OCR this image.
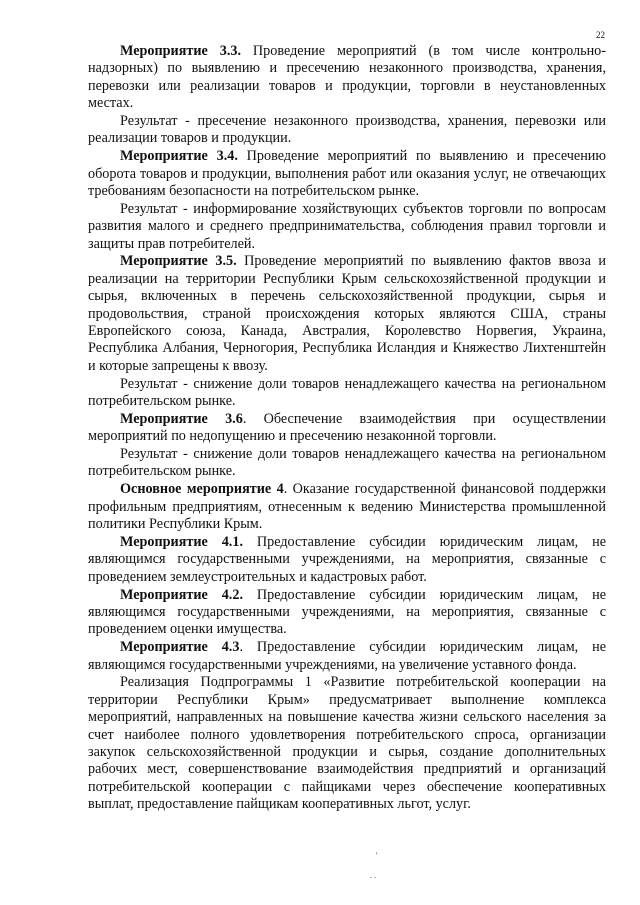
22

Мероприятие 3.3. Проведение мероприятий (в том числе контрольно-надзорных) по выявлению и пресечению незаконного производства, хранения, перевозки или реализации товаров и продукции, торговли в неустановленных местах.

Результат - пресечение незаконного производства, хранения, перевозки или реализации товаров и продукции.

Мероприятие 3.4. Проведение мероприятий по выявлению и пресечению оборота товаров и продукции, выполнения работ или оказания услуг, не отвечающих требованиям безопасности на потребительском рынке.

Результат - информирование хозяйствующих субъектов торговли по вопросам развития малого и среднего предпринимательства, соблюдения правил торговли и защиты прав потребителей.

Мероприятие 3.5. Проведение мероприятий по выявлению фактов ввоза и реализации на территории Республики Крым сельскохозяйственной продукции и сырья, включенных в перечень сельскохозяйственной продукции, сырья и продовольствия, страной происхождения которых являются США, страны Европейского союза, Канада, Австралия, Королевство Норвегия, Украина, Республика Албания, Черногория, Республика Исландия и Княжество Лихтенштейн и которые запрещены к ввозу.

Результат - снижение доли товаров ненадлежащего качества на региональном потребительском рынке.

Мероприятие 3.6. Обеспечение взаимодействия при осуществлении мероприятий по недопущению и пресечению незаконной торговли.

Результат - снижение доли товаров ненадлежащего качества на региональном потребительском рынке.

Основное мероприятие 4. Оказание государственной финансовой поддержки профильным предприятиям, отнесенным к ведению Министерства промышленной политики Республики Крым.

Мероприятие 4.1. Предоставление субсидии юридическим лицам, не являющимся государственными учреждениями, на мероприятия, связанные с проведением землеустроительных и кадастровых работ.

Мероприятие 4.2. Предоставление субсидии юридическим лицам, не являющимся государственными учреждениями, на мероприятия, связанные с проведением оценки имущества.

Мероприятие 4.3. Предоставление субсидии юридическим лицам, не являющимся государственными учреждениями, на увеличение уставного фонда.

Реализация Подпрограммы 1 «Развитие потребительской кооперации на территории Республики Крым» предусматривает выполнение комплекса мероприятий, направленных на повышение качества жизни сельского населения за счет наиболее полного удовлетворения потребительского спроса, организации закупок сельскохозяйственной продукции и сырья, создание дополнительных рабочих мест, совершенствование взаимодействия предприятий и организаций потребительской кооперации с пайщиками через обеспечение кооперативных выплат, предоставление пайщикам кооперативных льгот, услуг.

'
. .
